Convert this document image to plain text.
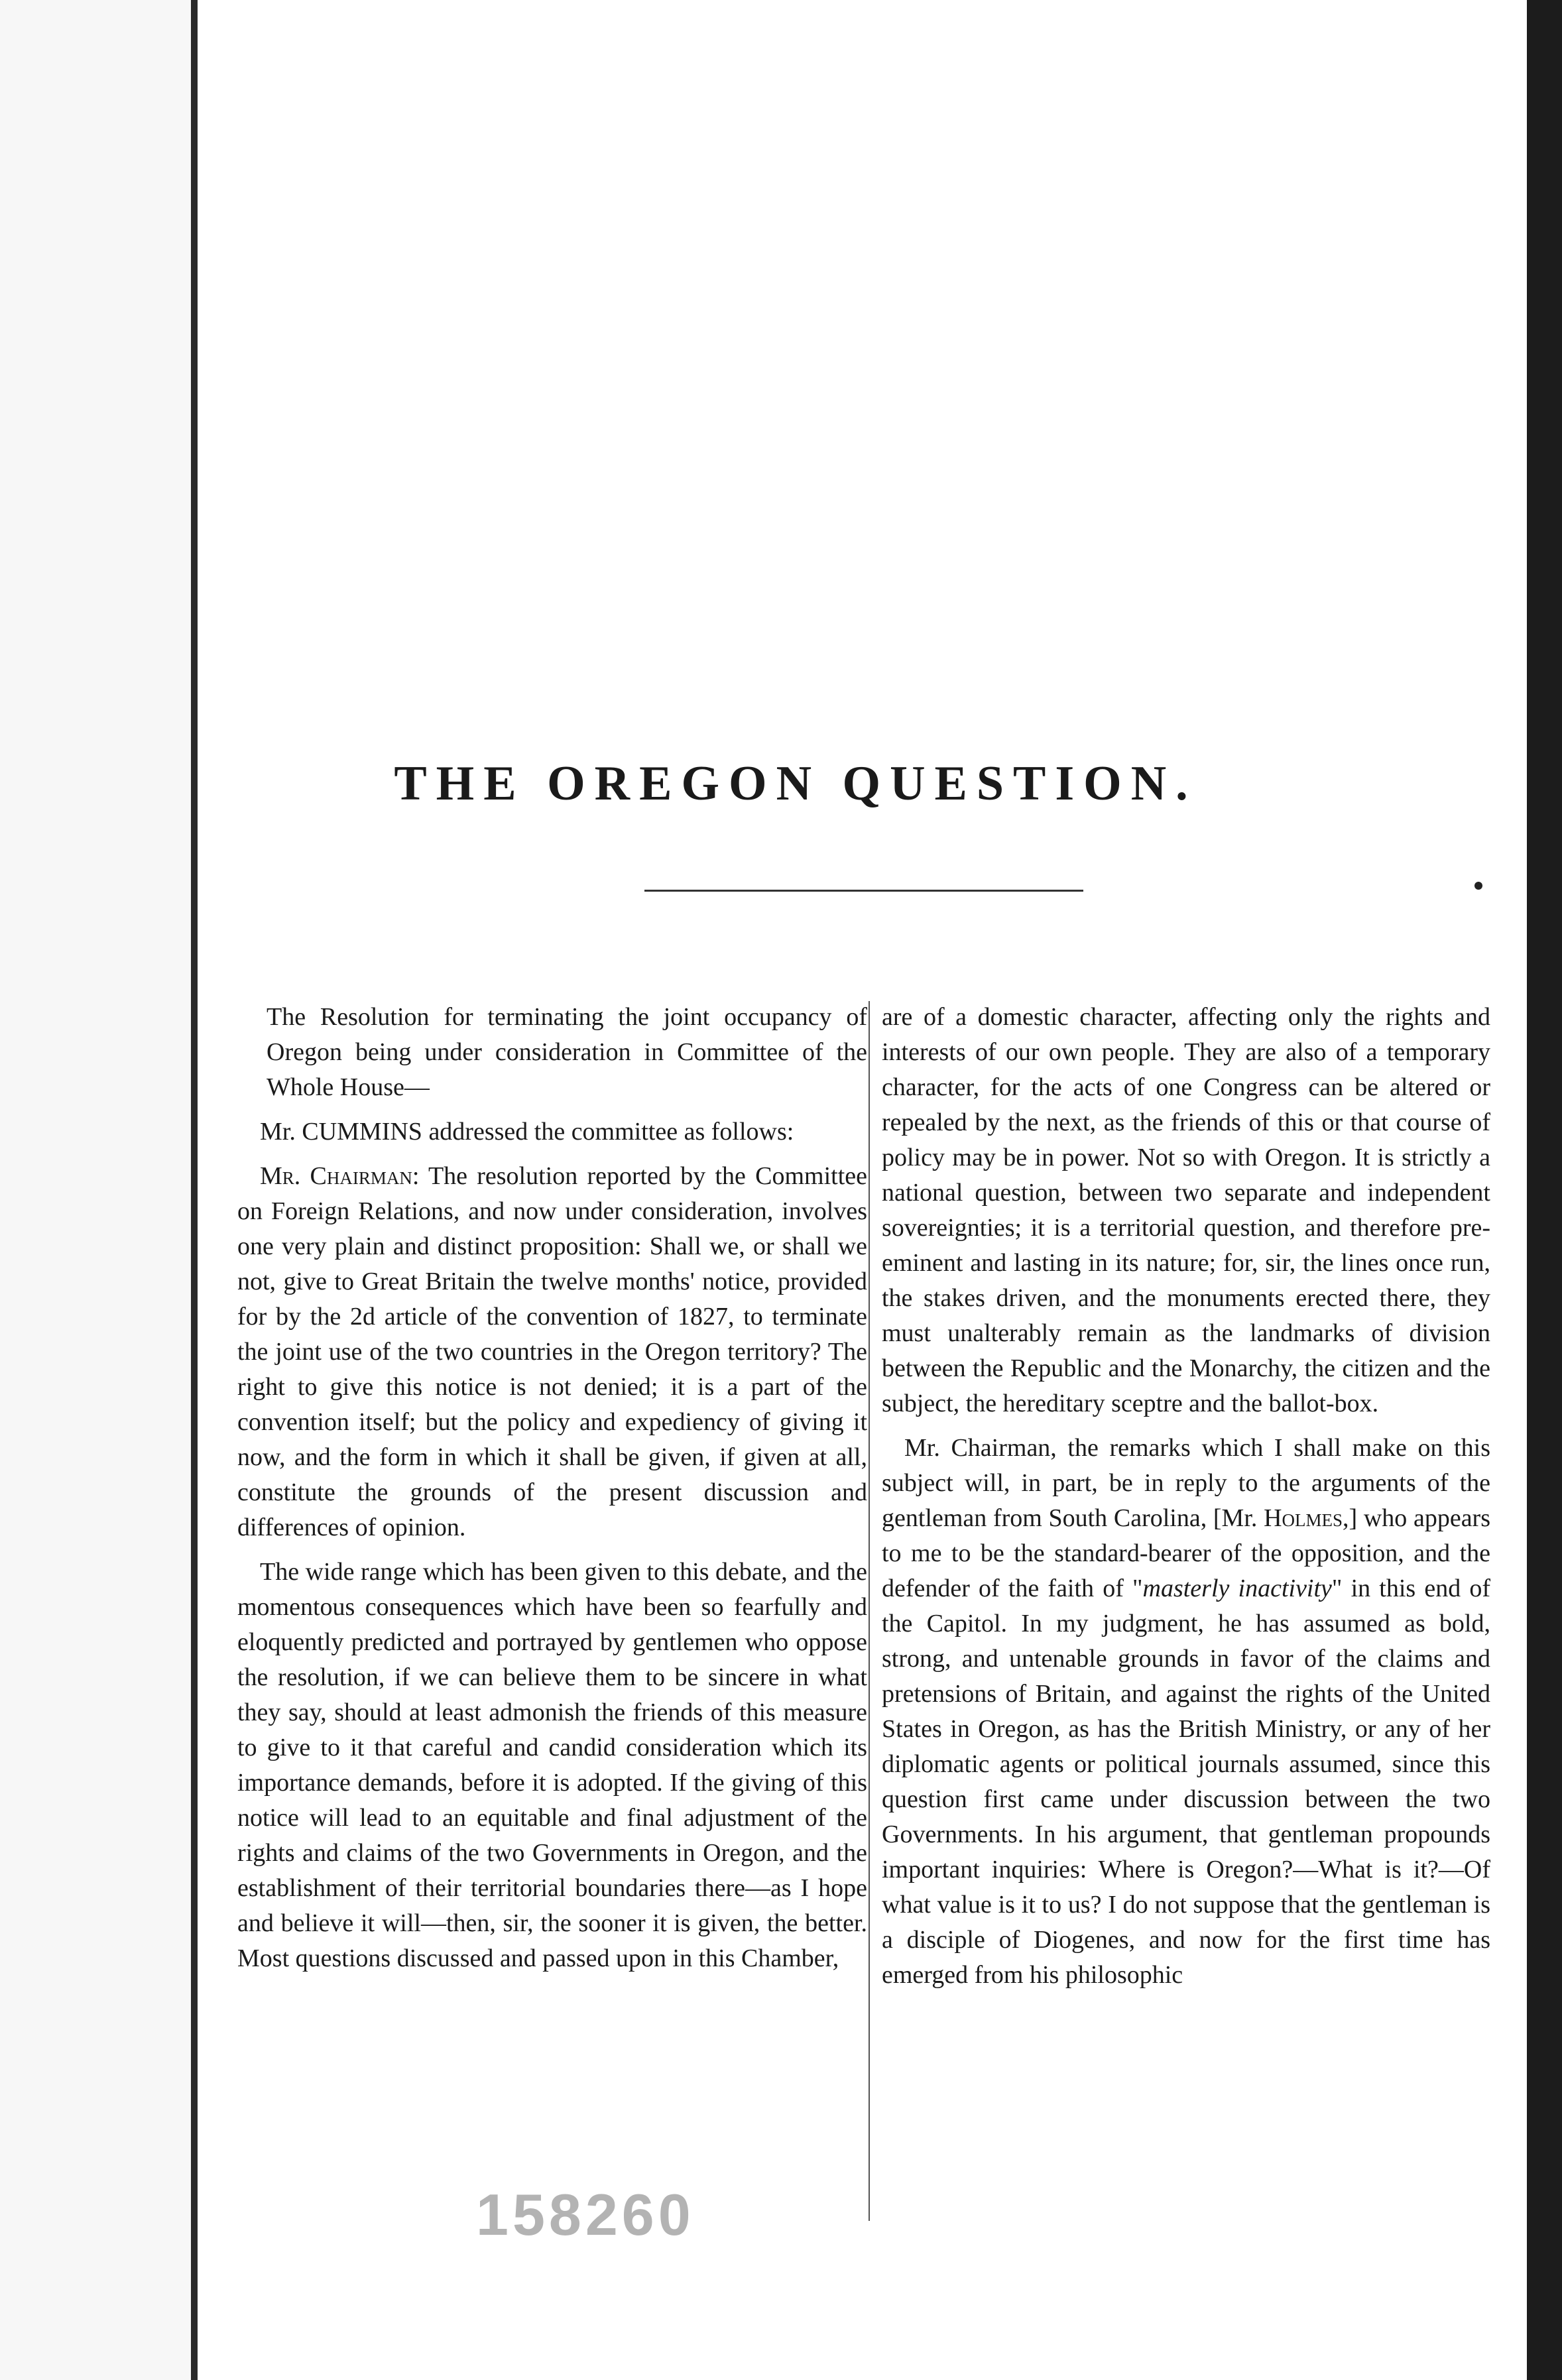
THE OREGON QUESTION.

The Resolution for terminating the joint occupancy of Oregon being under consideration in Committee of the Whole House—

Mr. CUMMINS addressed the committee as follows:

Mr. Chairman: The resolution reported by the Committee on Foreign Relations, and now under consideration, involves one very plain and distinct proposition: Shall we, or shall we not, give to Great Britain the twelve months' notice, provided for by the 2d article of the convention of 1827, to terminate the joint use of the two countries in the Oregon territory? The right to give this notice is not denied; it is a part of the convention itself; but the policy and expediency of giving it now, and the form in which it shall be given, if given at all, constitute the grounds of the present discussion and differences of opinion.

The wide range which has been given to this debate, and the momentous consequences which have been so fearfully and eloquently predicted and portrayed by gentlemen who oppose the resolution, if we can believe them to be sincere in what they say, should at least admonish the friends of this measure to give to it that careful and candid consideration which its importance demands, before it is adopted. If the giving of this notice will lead to an equitable and final adjustment of the rights and claims of the two Governments in Oregon, and the establishment of their territorial boundaries there—as I hope and believe it will—then, sir, the sooner it is given, the better. Most questions discussed and passed upon in this Chamber,

are of a domestic character, affecting only the rights and interests of our own people. They are also of a temporary character, for the acts of one Congress can be altered or repealed by the next, as the friends of this or that course of policy may be in power. Not so with Oregon. It is strictly a national question, between two separate and independent sovereignties; it is a territorial question, and therefore pre-eminent and lasting in its nature; for, sir, the lines once run, the stakes driven, and the monuments erected there, they must unalterably remain as the landmarks of division between the Republic and the Monarchy, the citizen and the subject, the hereditary sceptre and the ballot-box.

Mr. Chairman, the remarks which I shall make on this subject will, in part, be in reply to the arguments of the gentleman from South Carolina, [Mr. Holmes,] who appears to me to be the standard-bearer of the opposition, and the defender of the faith of "masterly inactivity" in this end of the Capitol. In my judgment, he has assumed as bold, strong, and untenable grounds in favor of the claims and pretensions of Britain, and against the rights of the United States in Oregon, as has the British Ministry, or any of her diplomatic agents or political journals assumed, since this question first came under discussion between the two Governments. In his argument, that gentleman propounds important inquiries: Where is Oregon?—What is it?—Of what value is it to us? I do not suppose that the gentleman is a disciple of Diogenes, and now for the first time has emerged from his philosophic

158260
